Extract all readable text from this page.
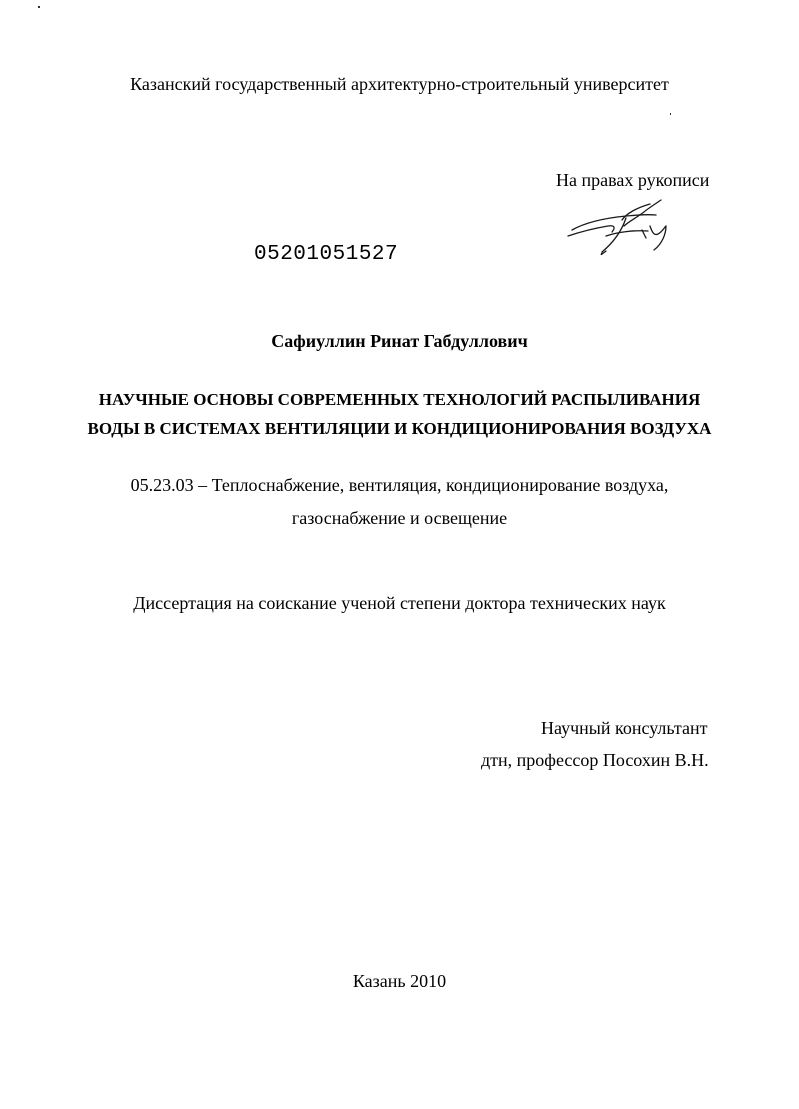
Казанский государственный архитектурно-строительный университет
На правах рукописи
05201051527
Сафиуллин Ринат Габдуллович
НАУЧНЫЕ ОСНОВЫ СОВРЕМЕННЫХ ТЕХНОЛОГИЙ РАСПЫЛИВАНИЯ
ВОДЫ В СИСТЕМАХ ВЕНТИЛЯЦИИ И КОНДИЦИОНИРОВАНИЯ ВОЗДУХА
05.23.03 – Теплоснабжение, вентиляция, кондиционирование воздуха,
газоснабжение и освещение
Диссертация на соискание ученой степени доктора технических наук
Научный консультант
дтн, профессор Посохин В.Н.
Казань 2010
